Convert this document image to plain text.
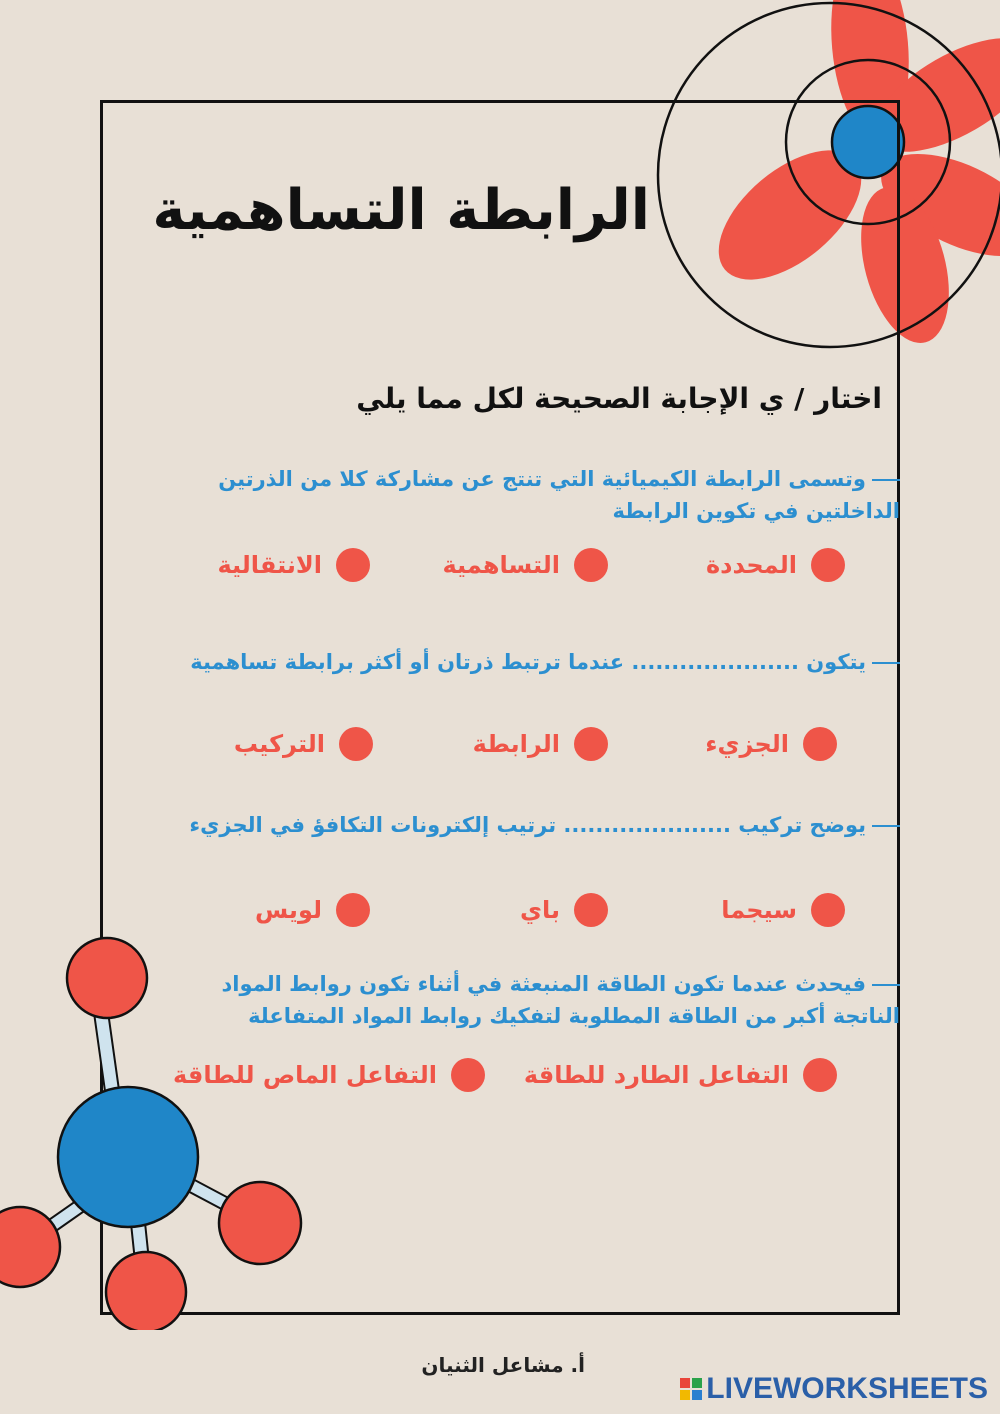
الرابطة التساهمية
اختار / ي الإجابة الصحيحة لكل مما يلي
وتسمى الرابطة الكيميائية التي تنتج عن مشاركة كلا من الذرتين الداخلتين في تكوين الرابطة
المحددة
التساهمية
الانتقالية
يتكون ..................... عندما ترتبط ذرتان أو أكثر برابطة تساهمية
الجزيء
الرابطة
التركيب
يوضح تركيب ..................... ترتيب إلكترونات التكافؤ في الجزيء
سيجما
باي
لويس
فيحدث عندما تكون الطاقة المنبعثة في أثناء تكون روابط المواد الناتجة أكبر من الطاقة المطلوبة لتفكيك روابط المواد المتفاعلة
التفاعل الطارد للطاقة
التفاعل الماص للطاقة
أ. مشاعل الثنيان
LIVEWORKSHEETS
